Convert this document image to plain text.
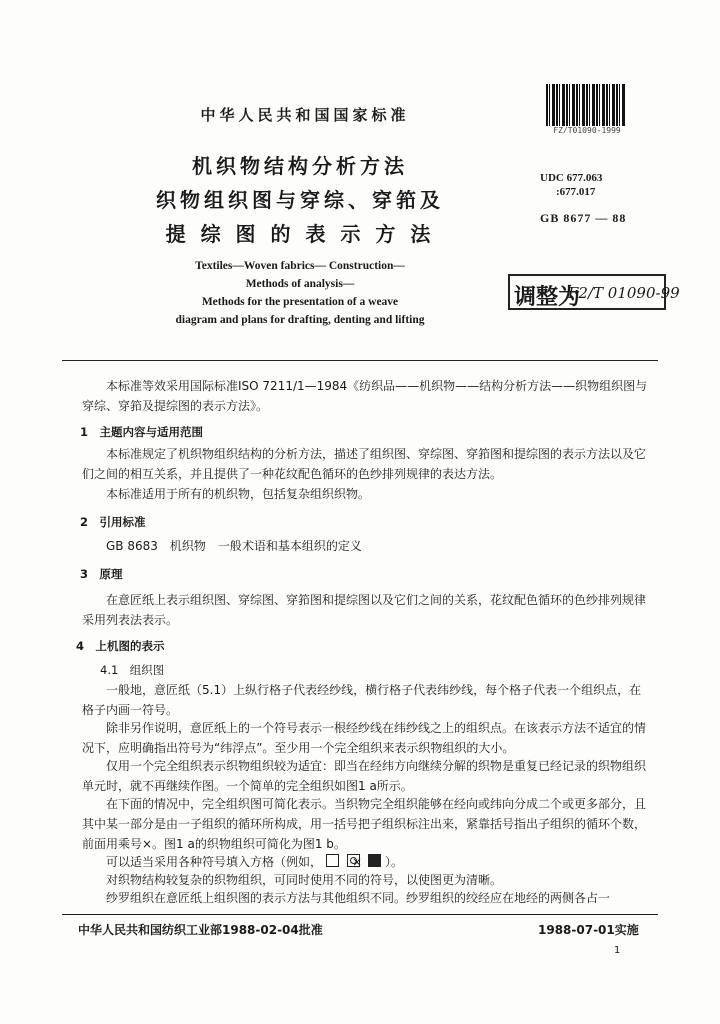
中华人民共和国国家标准
FZ/T01090-1999
机织物结构分析方法
织物组织图与穿综、穿筘及
提 综 图 的 表 示 方 法
UDC 677.063
:677.017
GB 8677 — 88
调整为
F2/T 01090-99
Textiles—Woven fabrics— Construction—
Methods of analysis—
Methods for the presentation of a weave
diagram and plans for drafting, denting and lifting
本标准等效采用国际标准ISO 7211/1—1984《纺织品——机织物——结构分析方法——织物组织图与穿综、穿筘及提综图的表示方法》。
1　主题内容与适用范围
本标准规定了机织物组织结构的分析方法，描述了组织图、穿综图、穿筘图和提综图的表示方法以及它们之间的相互关系，并且提供了一种花纹配色循环的色纱排列规律的表达方法。
本标准适用于所有的机织物，包括复杂组织织物。
2　引用标准
GB 8683　机织物　一般术语和基本组织的定义
3　原理
在意匠纸上表示组织图、穿综图、穿筘图和提综图以及它们之间的关系，花纹配色循环的色纱排列规律采用列表法表示。
4　上机图的表示
4.1　组织图
一般地，意匠纸（5.1）上纵行格子代表经纱线，横行格子代表纬纱线，每个格子代表一个组织点，在格子内画一符号。
除非另作说明，意匠纸上的一个符号表示一根经纱线在纬纱线之上的组织点。在该表示方法不适宜的情况下，应明确指出符号为“纬浮点”。至少用一个完全组织来表示织物组织的大小。
仅用一个完全组织表示织物组织较为适宜：即当在经纬方向继续分解的织物是重复已经记录的织物组织单元时，就不再继续作图。一个简单的完全组织如图1 a所示。
在下面的情况中，完全组织图可简化表示。当织物完全组织能够在经向或纬向分成二个或更多部分，且其中某一部分是由一子组织的循环所构成，用一括号把子组织标注出来，紧靠括号指出子组织的循环个数，前面用乘号×。图1 a的织物组织可简化为图1 b。
可以适当采用各种符号填入方格（例如，×	）。
对织物结构较复杂的织物组织，可同时使用不同的符号，以使图更为清晰。
纱罗组织在意匠纸上组织图的表示方法与其他组织不同。纱罗组织的绞经应在地经的两侧各占一
中华人民共和国纺织工业部1988-02-04批准	1988-07-01实施
1
